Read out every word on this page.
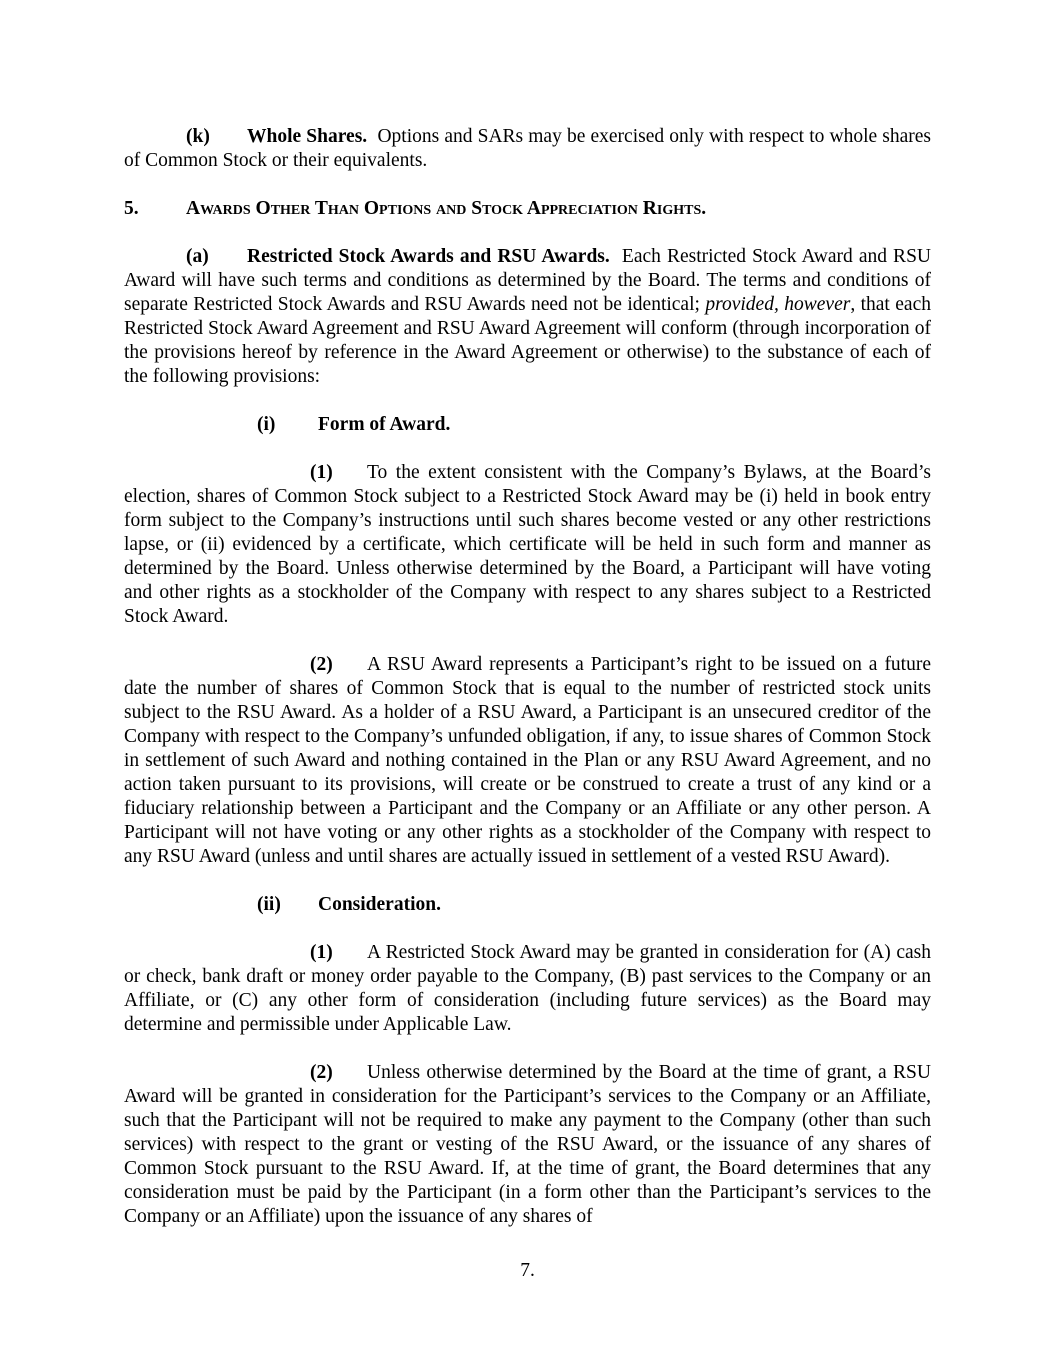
(k) Whole Shares. Options and SARs may be exercised only with respect to whole shares of Common Stock or their equivalents.

5. Awards Other Than Options and Stock Appreciation Rights.

(a) Restricted Stock Awards and RSU Awards. Each Restricted Stock Award and RSU Award will have such terms and conditions as determined by the Board. The terms and conditions of separate Restricted Stock Awards and RSU Awards need not be identical; provided, however, that each Restricted Stock Award Agreement and RSU Award Agreement will conform (through incorporation of the provisions hereof by reference in the Award Agreement or otherwise) to the substance of each of the following provisions:

(i) Form of Award.

(1) To the extent consistent with the Company’s Bylaws, at the Board’s election, shares of Common Stock subject to a Restricted Stock Award may be (i) held in book entry form subject to the Company’s instructions until such shares become vested or any other restrictions lapse, or (ii) evidenced by a certificate, which certificate will be held in such form and manner as determined by the Board. Unless otherwise determined by the Board, a Participant will have voting and other rights as a stockholder of the Company with respect to any shares subject to a Restricted Stock Award.

(2) A RSU Award represents a Participant’s right to be issued on a future date the number of shares of Common Stock that is equal to the number of restricted stock units subject to the RSU Award. As a holder of a RSU Award, a Participant is an unsecured creditor of the Company with respect to the Company’s unfunded obligation, if any, to issue shares of Common Stock in settlement of such Award and nothing contained in the Plan or any RSU Award Agreement, and no action taken pursuant to its provisions, will create or be construed to create a trust of any kind or a fiduciary relationship between a Participant and the Company or an Affiliate or any other person. A Participant will not have voting or any other rights as a stockholder of the Company with respect to any RSU Award (unless and until shares are actually issued in settlement of a vested RSU Award).

(ii) Consideration.

(1) A Restricted Stock Award may be granted in consideration for (A) cash or check, bank draft or money order payable to the Company, (B) past services to the Company or an Affiliate, or (C) any other form of consideration (including future services) as the Board may determine and permissible under Applicable Law.

(2) Unless otherwise determined by the Board at the time of grant, a RSU Award will be granted in consideration for the Participant’s services to the Company or an Affiliate, such that the Participant will not be required to make any payment to the Company (other than such services) with respect to the grant or vesting of the RSU Award, or the issuance of any shares of Common Stock pursuant to the RSU Award. If, at the time of grant, the Board determines that any consideration must be paid by the Participant (in a form other than the Participant’s services to the Company or an Affiliate) upon the issuance of any shares of

7.
